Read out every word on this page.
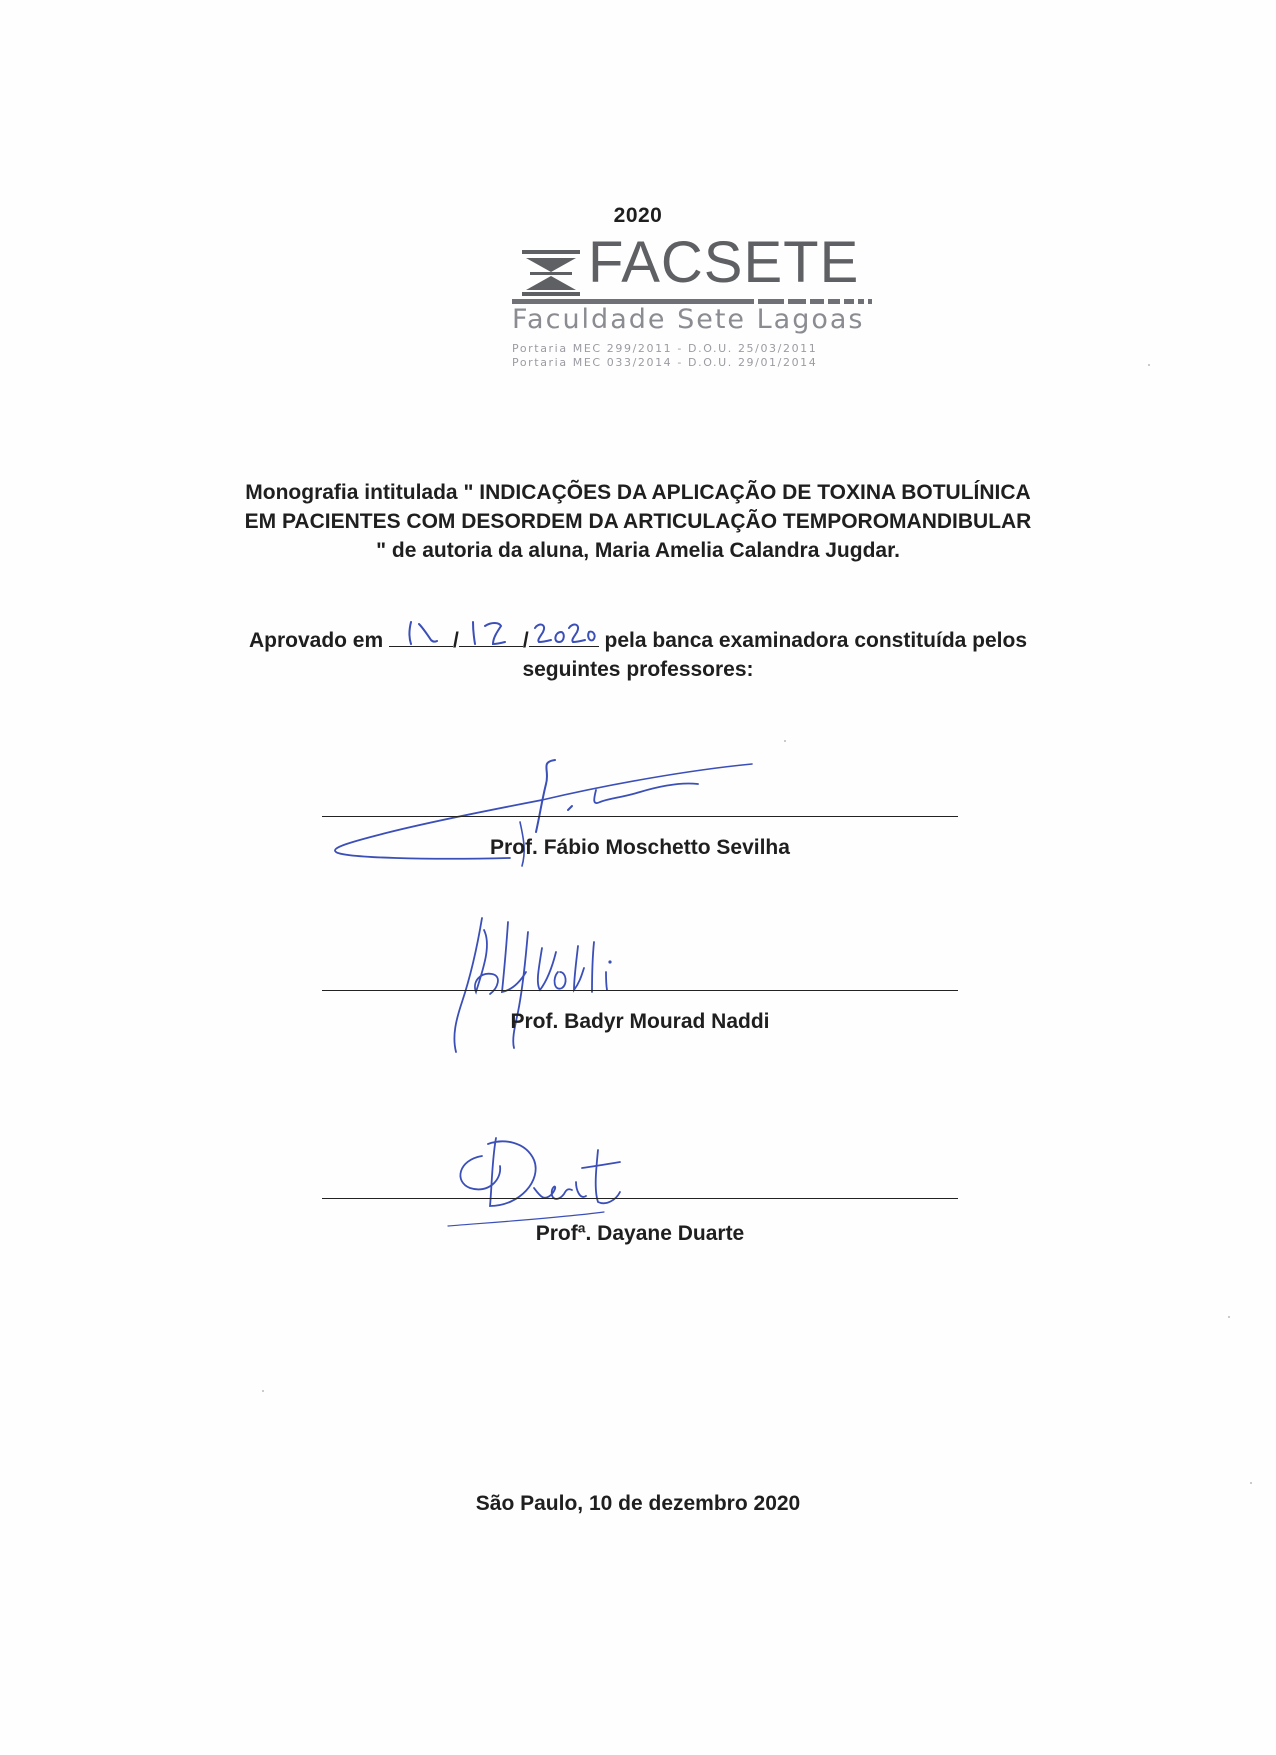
2020
FACSETE
Faculdade Sete Lagoas
Portaria MEC 299/2011 - D.O.U. 25/03/2011
Portaria MEC 033/2014 - D.O.U. 29/01/2014
Monografia intitulada " INDICAÇÕES DA APLICAÇÃO DE TOXINA BOTULÍNICA
EM PACIENTES COM DESORDEM DA ARTICULAÇÃO TEMPOROMANDIBULAR
" de autoria da aluna, Maria Amelia Calandra Jugdar.
Aprovado em	/	/	pela banca examinadora constituída pelos
seguintes professores:
Prof. Fábio Moschetto Sevilha
Prof. Badyr Mourad Naddi
Profª. Dayane Duarte
São Paulo, 10 de dezembro 2020
